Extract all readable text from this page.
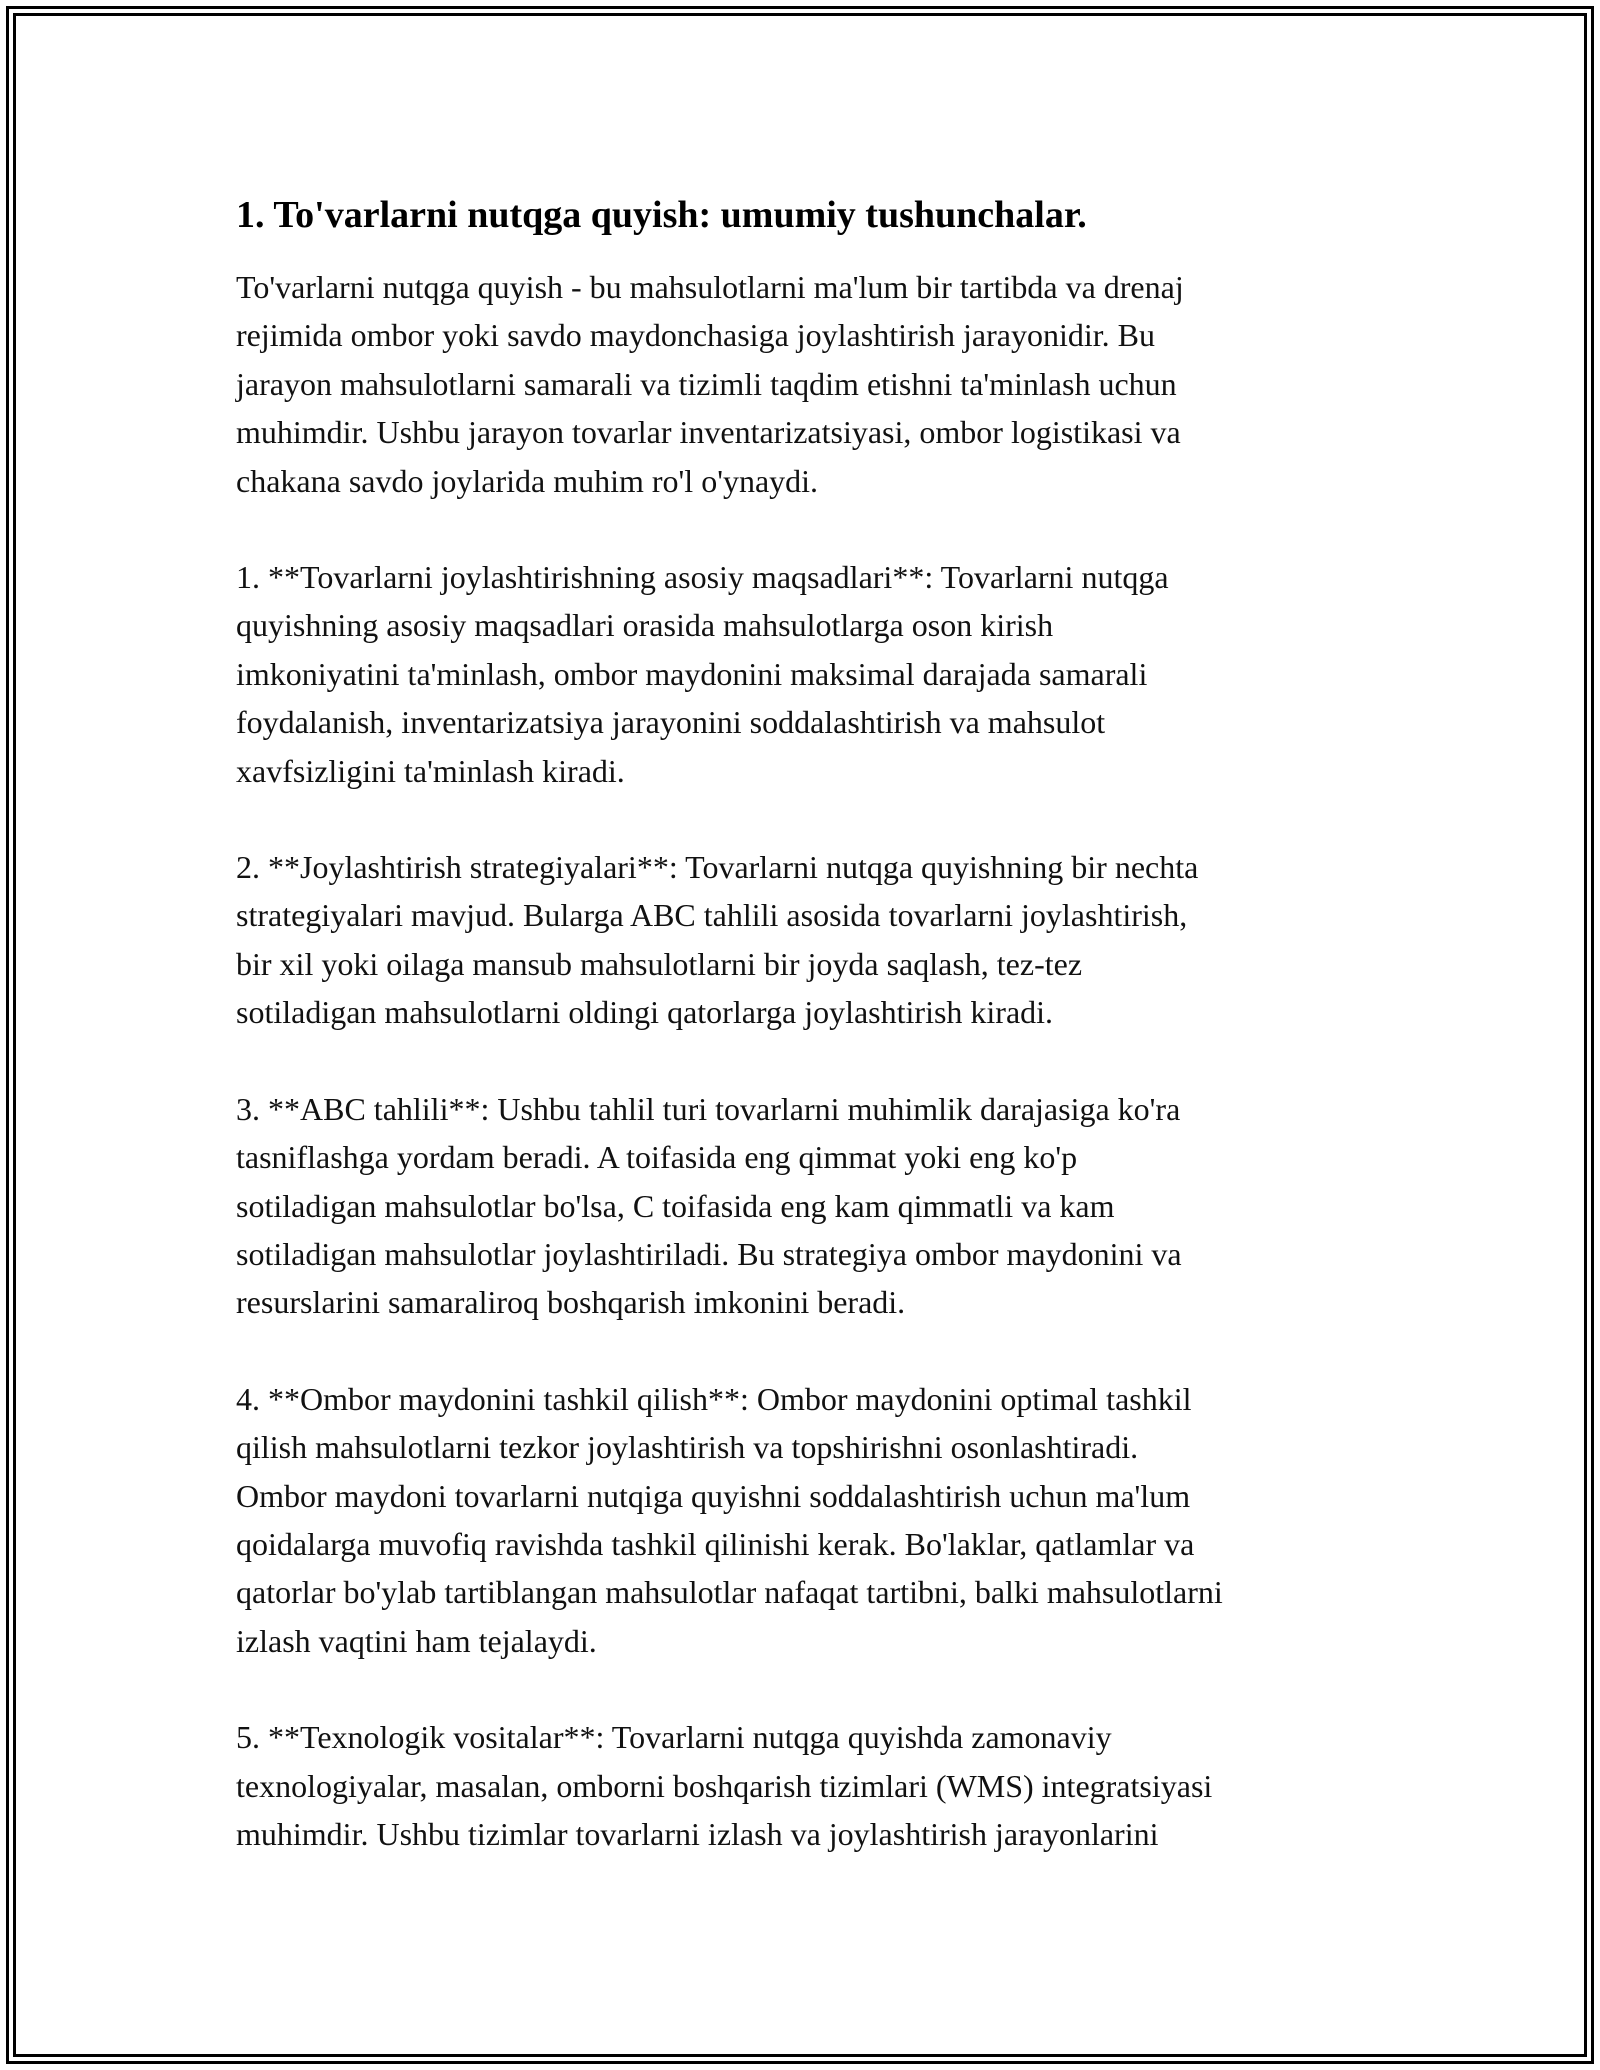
1. To'varlarni nutqga quyish: umumiy tushunchalar.

To'varlarni nutqga quyish - bu mahsulotlarni ma'lum bir tartibda va drenaj
rejimida ombor yoki savdo maydonchasiga joylashtirish jarayonidir. Bu
jarayon mahsulotlarni samarali va tizimli taqdim etishni ta'minlash uchun
muhimdir. Ushbu jarayon tovarlar inventarizatsiyasi, ombor logistikasi va
chakana savdo joylarida muhim ro'l o'ynaydi.

1. **Tovarlarni joylashtirishning asosiy maqsadlari**: Tovarlarni nutqga
quyishning asosiy maqsadlari orasida mahsulotlarga oson kirish
imkoniyatini ta'minlash, ombor maydonini maksimal darajada samarali
foydalanish, inventarizatsiya jarayonini soddalashtirish va mahsulot
xavfsizligini ta'minlash kiradi.

2. **Joylashtirish strategiyalari**: Tovarlarni nutqga quyishning bir nechta
strategiyalari mavjud. Bularga ABC tahlili asosida tovarlarni joylashtirish,
bir xil yoki oilaga mansub mahsulotlarni bir joyda saqlash, tez-tez
sotiladigan mahsulotlarni oldingi qatorlarga joylashtirish kiradi.

3. **ABC tahlili**: Ushbu tahlil turi tovarlarni muhimlik darajasiga ko'ra
tasniflashga yordam beradi. A toifasida eng qimmat yoki eng ko'p
sotiladigan mahsulotlar bo'lsa, C toifasida eng kam qimmatli va kam
sotiladigan mahsulotlar joylashtiriladi. Bu strategiya ombor maydonini va
resurslarini samaraliroq boshqarish imkonini beradi.

4. **Ombor maydonini tashkil qilish**: Ombor maydonini optimal tashkil
qilish mahsulotlarni tezkor joylashtirish va topshirishni osonlashtiradi.
Ombor maydoni tovarlarni nutqiga quyishni soddalashtirish uchun ma'lum
qoidalarga muvofiq ravishda tashkil qilinishi kerak. Bo'laklar, qatlamlar va
qatorlar bo'ylab tartiblangan mahsulotlar nafaqat tartibni, balki mahsulotlarni
izlash vaqtini ham tejalaydi.

5. **Texnologik vositalar**: Tovarlarni nutqga quyishda zamonaviy
texnologiyalar, masalan, omborni boshqarish tizimlari (WMS) integratsiyasi
muhimdir. Ushbu tizimlar tovarlarni izlash va joylashtirish jarayonlarini
